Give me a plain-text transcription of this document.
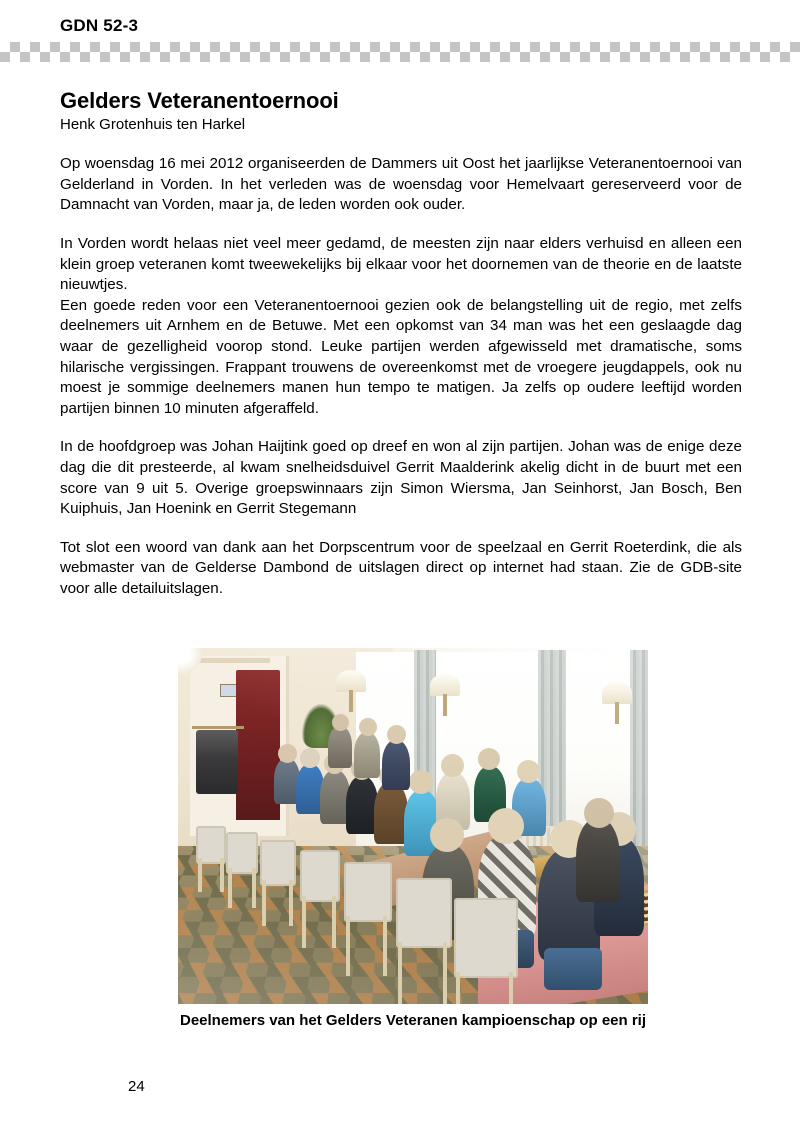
GDN 52-3
Gelders Veteranentoernooi
Henk Grotenhuis ten Harkel

Op woensdag 16 mei 2012 organiseerden de Dammers uit Oost het jaarlijkse Veteranentoernooi van Gelderland in Vorden. In het verleden was de woensdag voor Hemelvaart gereserveerd voor de Damnacht van Vorden, maar ja, de leden worden ook ouder.

In Vorden wordt helaas niet veel meer gedamd, de meesten zijn naar elders verhuisd en alleen een klein groep veteranen komt tweewekelijks bij elkaar voor het doornemen van de theorie en de laatste nieuwtjes.

Een goede reden voor een Veteranentoernooi gezien ook de belangstelling uit de regio, met zelfs deelnemers uit Arnhem en de Betuwe. Met een opkomst van 34 man was het een geslaagde dag waar de gezelligheid voorop stond. Leuke partijen werden afgewisseld met dramatische, soms hilarische vergissingen. Frappant trouwens de overeenkomst met de vroegere jeugdappels, ook nu moest je sommige deelnemers manen hun tempo te matigen. Ja zelfs op oudere leeftijd worden partijen binnen 10 minuten afgeraffeld.

In de hoofdgroep was Johan Haijtink goed op dreef en won al zijn partijen. Johan was de enige deze dag die dit presteerde, al kwam snelheidsduivel Gerrit Maalderink akelig dicht in de buurt met een score van 9 uit 5. Overige groepswinnaars zijn Simon Wiersma, Jan Seinhorst, Jan Bosch, Ben Kuiphuis, Jan Hoenink en Gerrit Stegemann

Tot slot een woord van dank aan het Dorpscentrum voor de speelzaal en Gerrit Roeterdink, die als webmaster van de Gelderse Dambond de uitslagen direct op internet had staan. Zie de GDB-site voor alle detailuitslagen.

Deelnemers van het Gelders Veteranen kampioenschap op een rij
24
